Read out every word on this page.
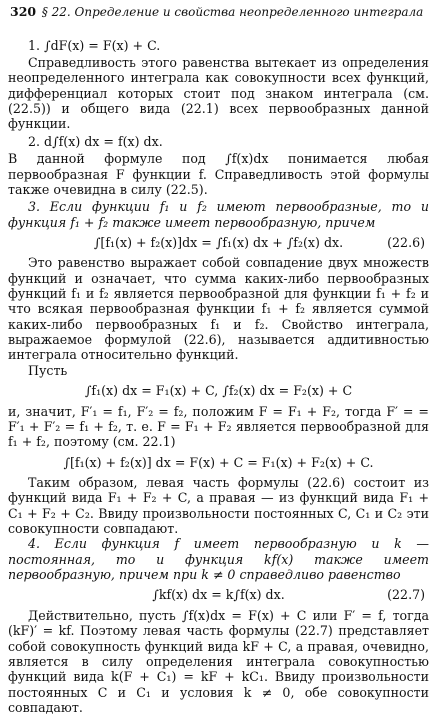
320 § 22. Определение и свойства неопределенного интеграла

1. ∫dF(x) = F(x) + C.

Справедливость этого равенства вытекает из определения неопределенного интеграла как совокупности всех функций, дифференциал которых стоит под знаком интеграла (см.(22.5)) и общего вида (22.1) всех первообразных данной функции.

2. d∫f(x) dx = f(x) dx.

В данной формуле под ∫f(x)dx понимается любая первообразная F функции f. Справедливость этой формулы также очевидна в силу (22.5).

3. Если функции f₁ и f₂ имеют первообразные, то и функция f₁ + f₂ также имеет первообразную, причем

∫[f₁(x) + f₂(x)]dx = ∫f₁(x) dx + ∫f₂(x) dx.	(22.6)

Это равенство выражает собой совпадение двух множеств функций и означает, что сумма каких-либо первообразных функций f₁ и f₂ является первообразной для функции f₁ + f₂ и что всякая первообразная функции f₁ + f₂ является суммой каких-либо первообразных f₁ и f₂. Свойство интеграла, выражаемое формулой (22.6), называется аддитивностью интеграла относительно функций.

Пусть

∫f₁(x) dx = F₁(x) + C, ∫f₂(x) dx = F₂(x) + C

и, значит, F′₁ = f₁, F′₂ = f₂, положим F = F₁ + F₂, тогда F′ = = F′₁ + F′₂ = f₁ + f₂, т. е. F = F₁ + F₂ является первообразной для f₁ + f₂, поэтому (см. 22.1)

∫[f₁(x) + f₂(x)] dx = F(x) + C = F₁(x) + F₂(x) + C.

Таким образом, левая часть формулы (22.6) состоит из функций вида F₁ + F₂ + C, а правая — из функций вида F₁ + C₁ + F₂ + C₂. Ввиду произвольности постоянных C, C₁ и C₂ эти совокупности совпадают.

4. Если функция f имеет первообразную и k — постоянная, то и функция kf(x) также имеет первообразную, причем при k ≠ 0 справедливо равенство

∫kf(x) dx = k∫f(x) dx.	(22.7)

Действительно, пусть ∫f(x)dx = F(x) + C или F′ = f, тогда (kF)′ = kf. Поэтому левая часть формулы (22.7) представляет собой совокупность функций вида kF + C, а правая, очевидно, является в силу определения интеграла совокупностью функций вида k(F + C₁) = kF + kC₁. Ввиду произвольности постоянных C и C₁ и условия k ≠ 0, обе совокупности совпадают.
